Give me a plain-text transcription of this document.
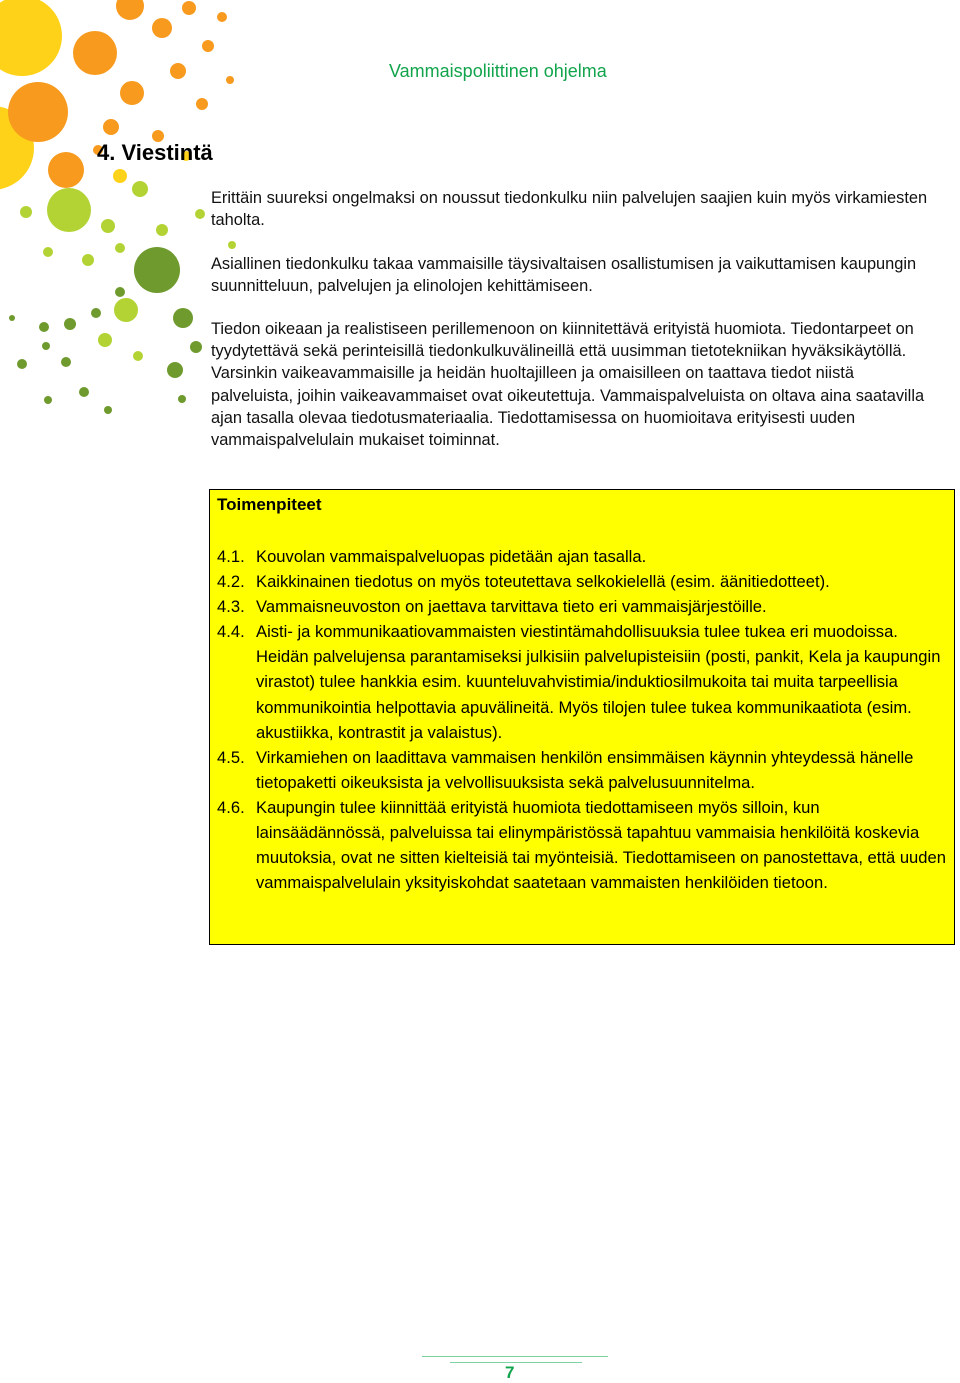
Vammaispoliittinen ohjelma
4. Viestintä

Erittäin suureksi ongelmaksi on noussut tiedonkulku niin palvelujen saajien kuin myös virkamiesten taholta.

Asiallinen tiedonkulku takaa vammaisille täysivaltaisen osallistumisen ja vaikuttamisen kaupungin suunnitteluun, palvelujen ja elinolojen kehittämiseen.

Tiedon oikeaan ja realistiseen perillemenoon on kiinnitettävä erityistä huomiota. Tiedontarpeet on tyydytettävä sekä perinteisillä tiedonkulkuvälineillä että uusimman tietotekniikan hyväksikäytöllä. Varsinkin vaikeavammaisille ja heidän huoltajilleen ja omaisilleen on taattava tiedot niistä palveluista, joihin vaikeavammaiset ovat oikeutettuja. Vammaispalveluista on oltava aina saatavilla ajan tasalla olevaa tiedotusmateriaalia. Tiedottamisessa on huomioitava erityisesti uuden vammaispalvelulain mukaiset toiminnat.

Toimenpiteet
4.1. Kouvolan vammaispalveluopas pidetään ajan tasalla.
4.2. Kaikkinainen tiedotus on myös toteutettava selkokielellä (esim. äänitiedotteet).
4.3. Vammaisneuvoston on jaettava tarvittava tieto eri vammaisjärjestöille.
4.4. Aisti- ja kommunikaatiovammaisten viestintämahdollisuuksia tulee tukea eri muodoissa. Heidän palvelujensa parantamiseksi julkisiin palvelupisteisiin (posti, pankit, Kela ja kaupungin virastot) tulee hankkia esim. kuunteluvahvistimia/induktiosilmukoita tai muita tarpeellisia kommunikointia helpottavia apuvälineitä. Myös tilojen tulee tukea kommunikaatiota (esim. akustiikka, kontrastit ja valaistus).
4.5. Virkamiehen on laadittava vammaisen henkilön ensimmäisen käynnin yhteydessä hänelle tietopaketti oikeuksista ja velvollisuuksista sekä palvelusuunnitelma.
4.6. Kaupungin tulee kiinnittää erityistä huomiota tiedottamiseen myös silloin, kun lainsäädännössä, palveluissa tai elinympäristössä tapahtuu vammaisia henkilöitä koskevia muutoksia, ovat ne sitten kielteisiä tai myönteisiä. Tiedottamiseen on panostettava, että uuden vammaispalvelulain yksityiskohdat saatetaan vammaisten henkilöiden tietoon.
7
